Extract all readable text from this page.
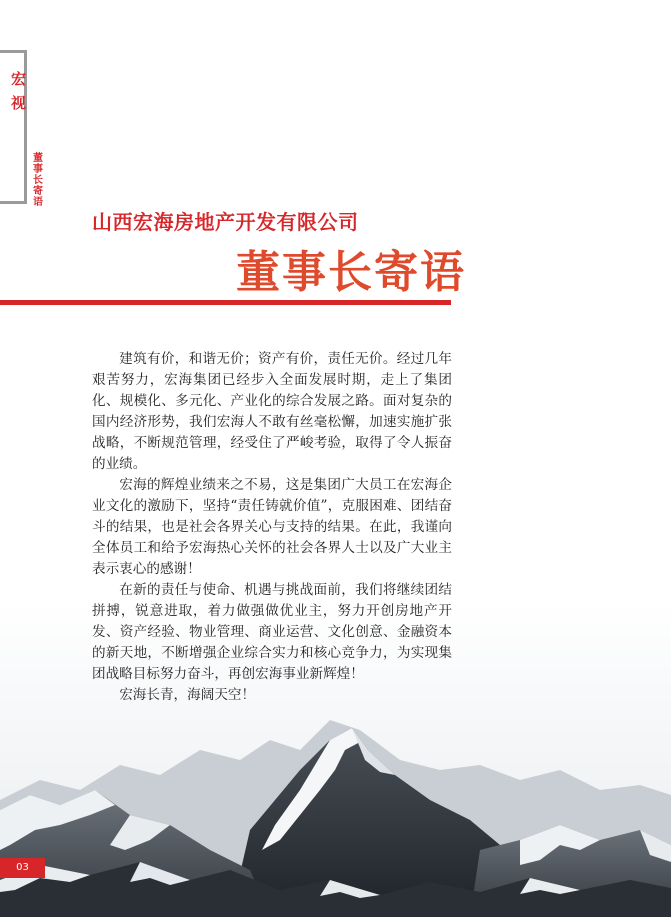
宏
视
董事长寄语
山西宏海房地产开发有限公司
董事长寄语

建筑有价，和谐无价；资产有价，责任无价。经过几年艰苦努力，宏海集团已经步入全面发展时期，走上了集团化、规模化、多元化、产业化的综合发展之路。面对复杂的国内经济形势，我们宏海人不敢有丝毫松懈，加速实施扩张战略，不断规范管理，经受住了严峻考验，取得了令人振奋的业绩。

宏海的辉煌业绩来之不易，这是集团广大员工在宏海企业文化的激励下，坚持“责任铸就价值”，克服困难、团结奋斗的结果，也是社会各界关心与支持的结果。在此，我谨向全体员工和给予宏海热心关怀的社会各界人士以及广大业主表示衷心的感谢！

在新的责任与使命、机遇与挑战面前，我们将继续团结拼搏，锐意进取，着力做强做优业主，努力开创房地产开发、资产经验、物业管理、商业运营、文化创意、金融资本的新天地，不断增强企业综合实力和核心竞争力，为实现集团战略目标努力奋斗，再创宏海事业新辉煌！

宏海长青，海阔天空！

03
